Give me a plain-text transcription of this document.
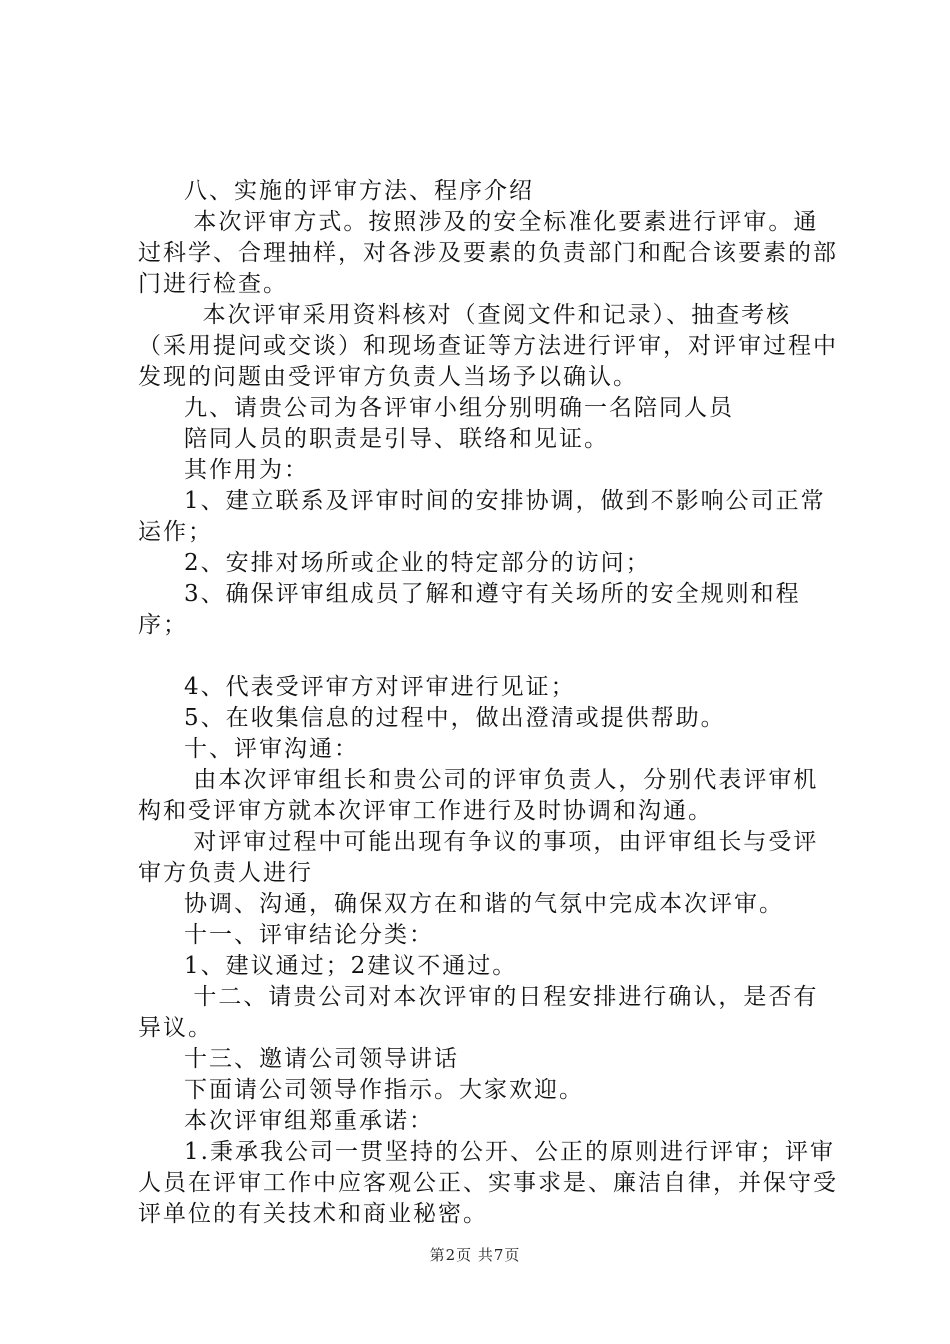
八、实施的评审方法、程序介绍

本次评审方式。按照涉及的安全标准化要素进行评审。通过科学、合理抽样，对各涉及要素的负责部门和配合该要素的部门进行检查。

本次评审采用资料核对（查阅文件和记录）、抽查考核（采用提问或交谈）和现场查证等方法进行评审，对评审过程中发现的问题由受评审方负责人当场予以确认。

九、请贵公司为各评审小组分别明确一名陪同人员

陪同人员的职责是引导、联络和见证。

其作用为：

1、建立联系及评审时间的安排协调，做到不影响公司正常运作；

2、安排对场所或企业的特定部分的访问；

3、确保评审组成员了解和遵守有关场所的安全规则和程序；

4、代表受评审方对评审进行见证；

5、在收集信息的过程中，做出澄清或提供帮助。

十、评审沟通：

由本次评审组长和贵公司的评审负责人，分别代表评审机构和受评审方就本次评审工作进行及时协调和沟通。

对评审过程中可能出现有争议的事项，由评审组长与受评审方负责人进行

协调、沟通，确保双方在和谐的气氛中完成本次评审。

十一、评审结论分类：

1、建议通过；2建议不通过。

十二、请贵公司对本次评审的日程安排进行确认，是否有异议。

十三、邀请公司领导讲话

下面请公司领导作指示。大家欢迎。

本次评审组郑重承诺：

1.秉承我公司一贯坚持的公开、公正的原则进行评审；评审人员在评审工作中应客观公正、实事求是、廉洁自律，并保守受评单位的有关技术和商业秘密。

第2页 共7页
